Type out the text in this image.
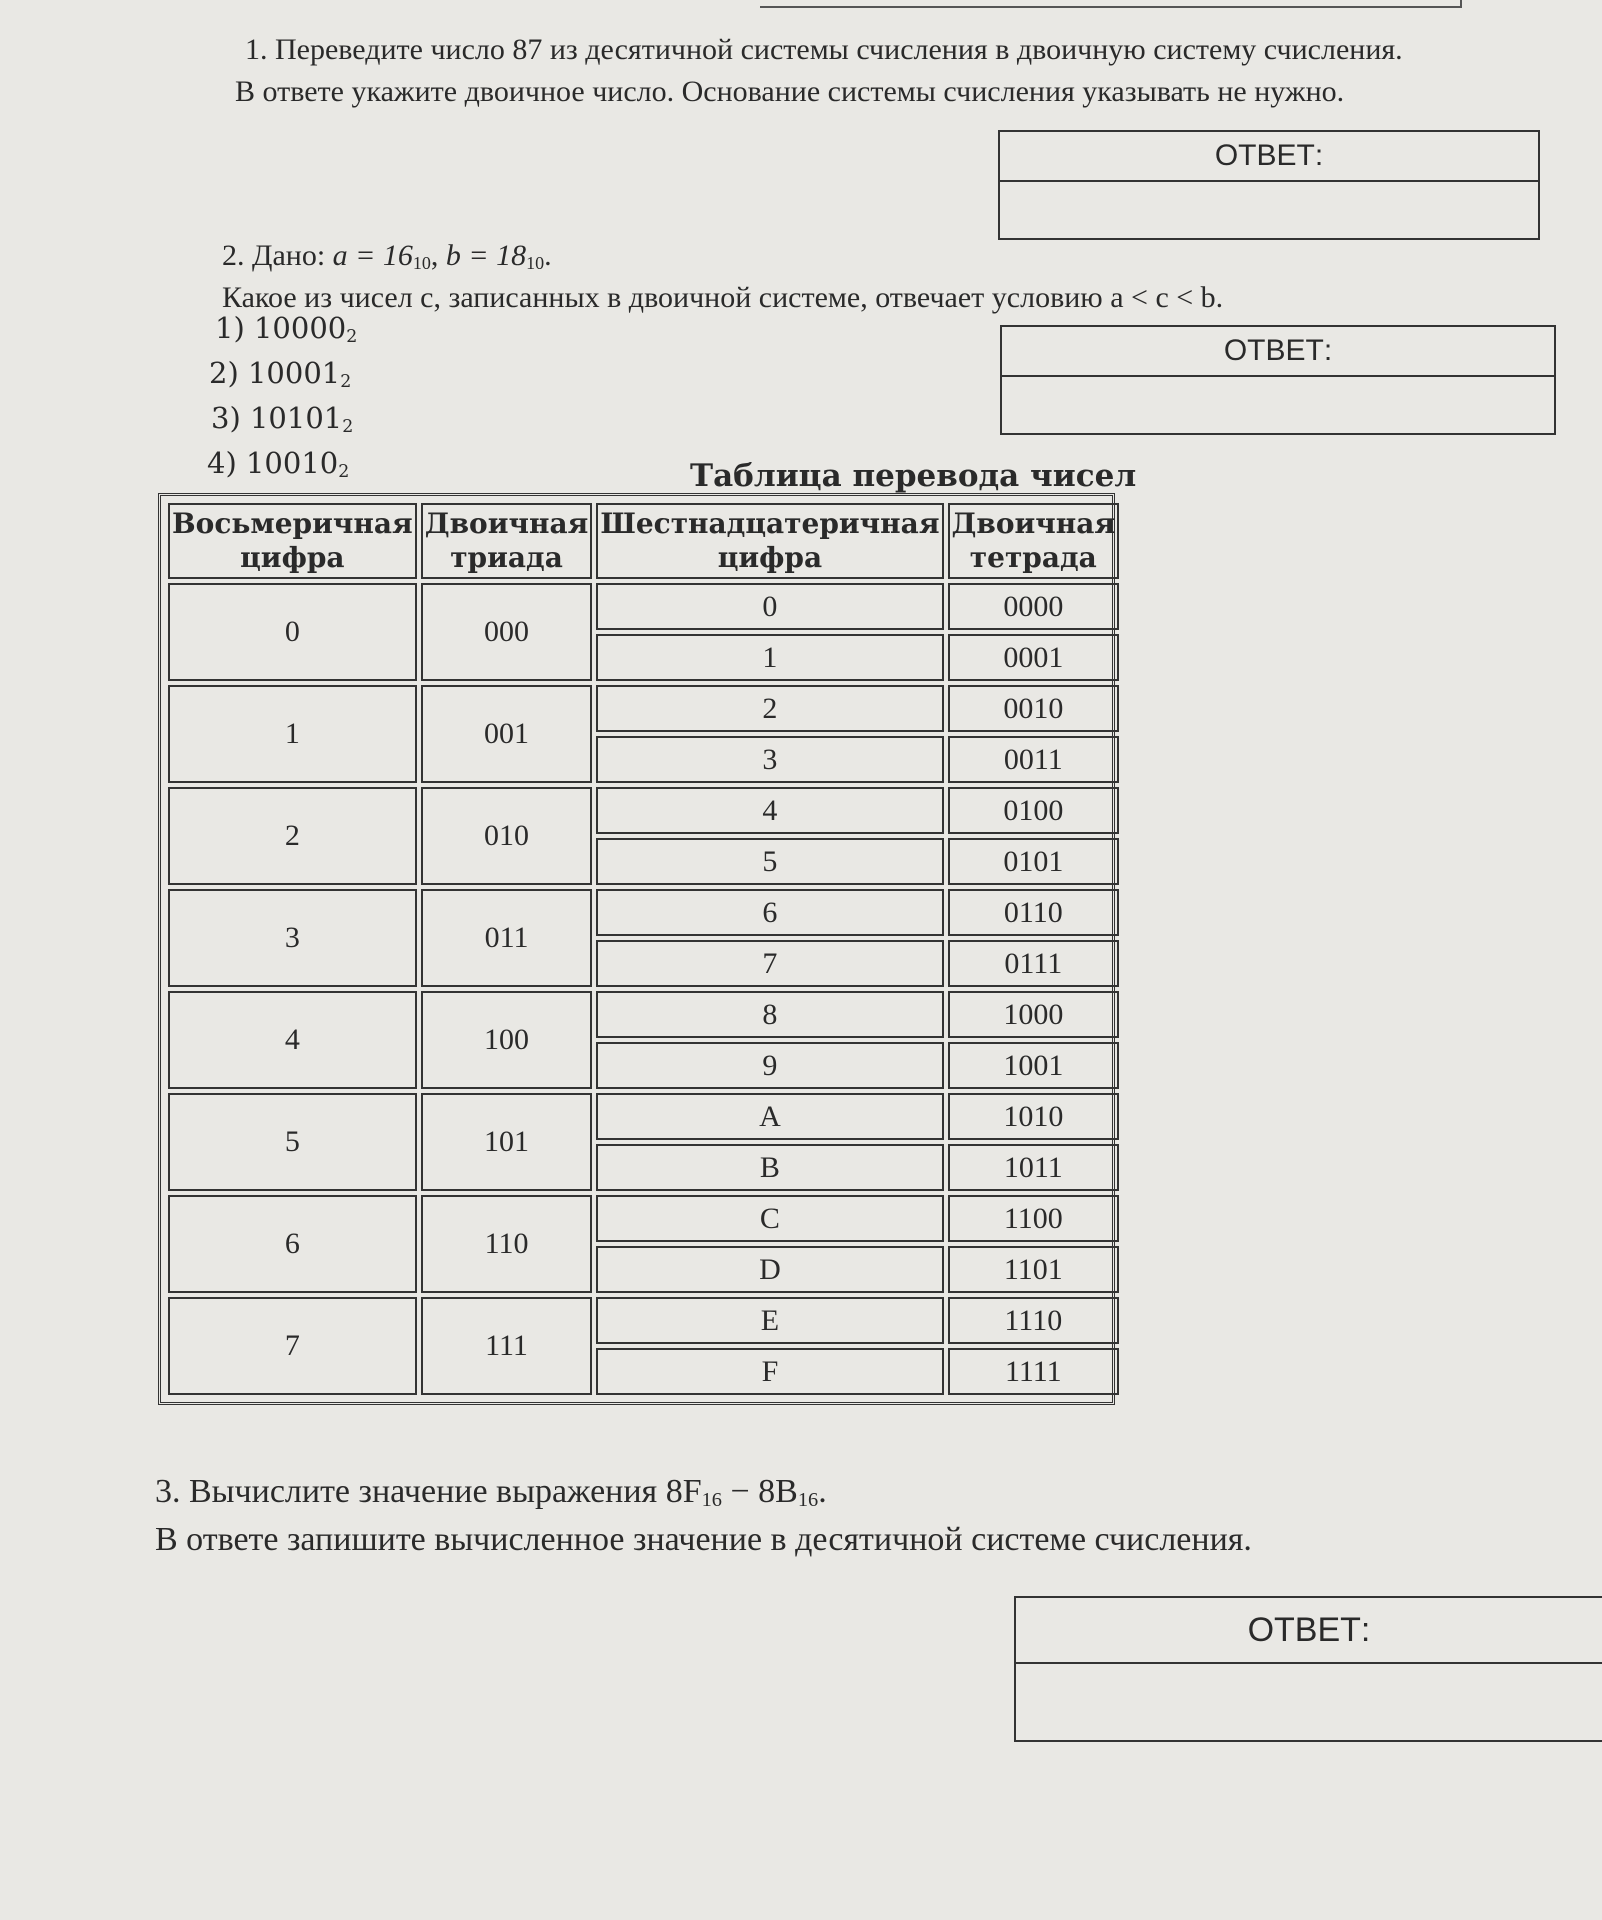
1. Переведите число 87 из десятичной системы счисления в двоичную систему счисления.
В ответе укажите двоичное число. Основание системы счисления указывать не нужно.
ОТВЕТ:
2. Дано: $a = 16_{10}$, $b = 18_{10}$.
Какое из чисел с, записанных в двоичной системе, отвечает условию a < c < b.
1) $10000_2$
2) $10001_2$
3) $10101_2$
4) $10010_2$
ОТВЕТ:
Таблица перевода чисел
Восьмеричная цифра	Двоичная триада	Шестнадцатеричная цифра	Двоичная тетрада
0	000	0	0000
		1	0001
1	001	2	0010
		3	0011
2	010	4	0100
		5	0101
3	011	6	0110
		7	0111
4	100	8	1000
		9	1001
5	101	A	1010
		B	1011
6	110	C	1100
		D	1101
7	111	E	1110
		F	1111
3. Вычислите значение выражения $8F_{16} - 8B_{16}$.
В ответе запишите вычисленное значение в десятичной системе счисления.
ОТВЕТ:
